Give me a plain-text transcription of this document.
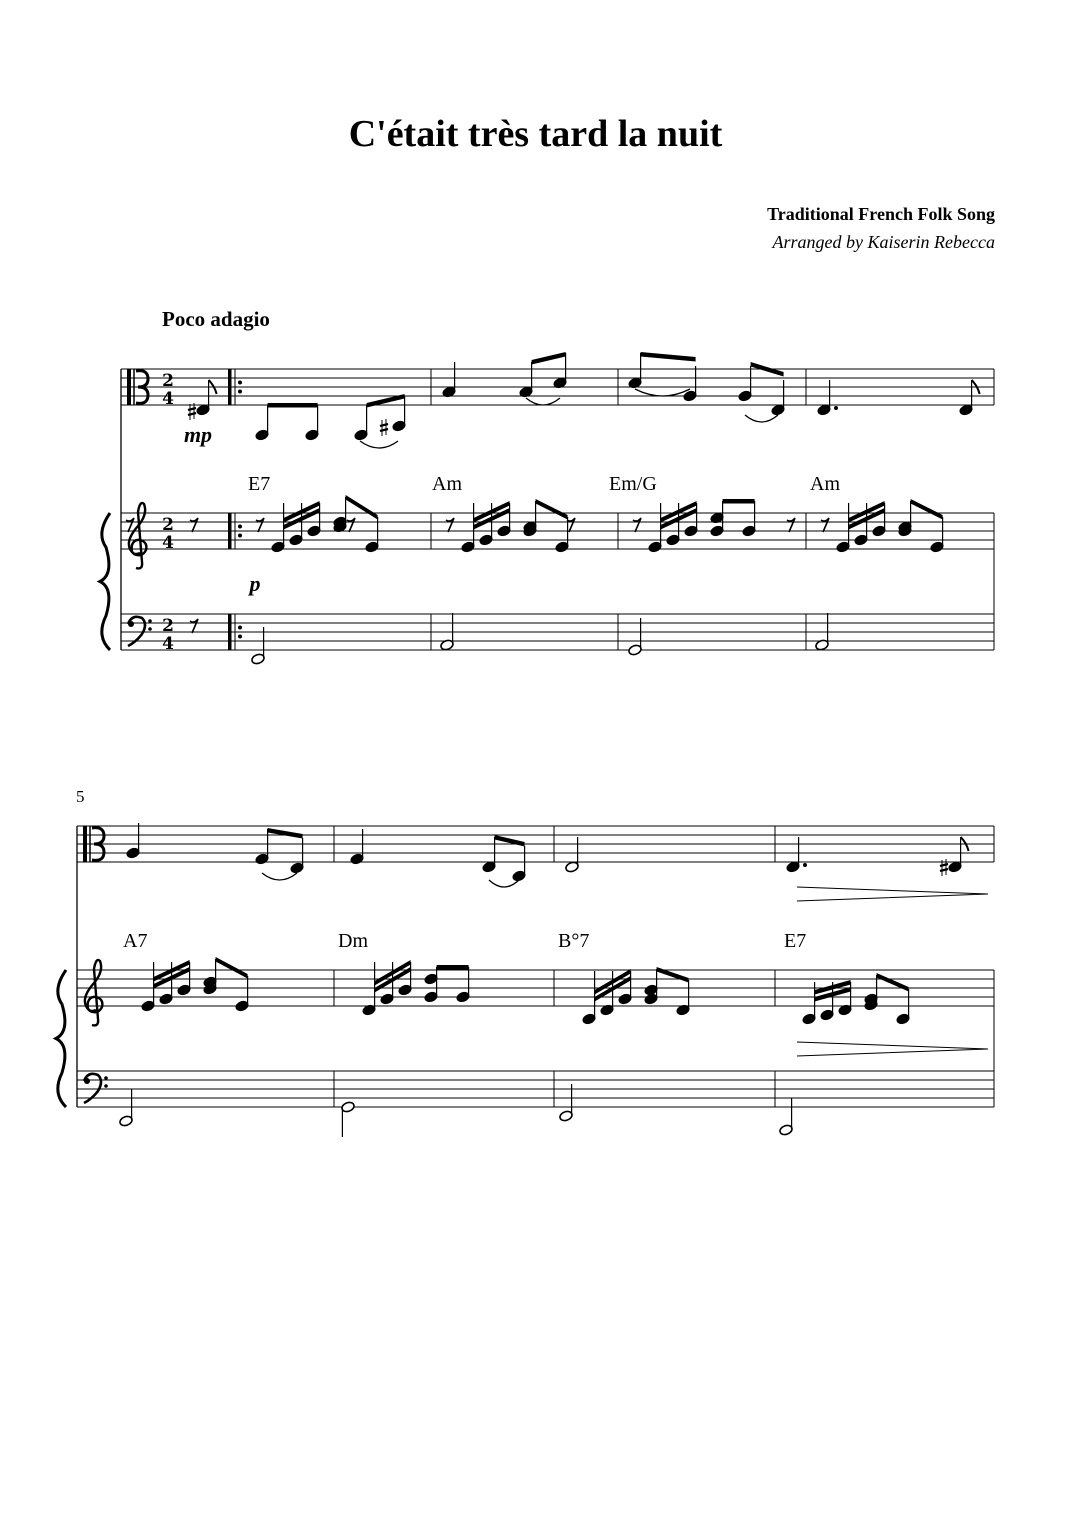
C'était très tard la nuit
Traditional French Folk Song
Arranged by Kaiserin Rebecca
Poco adagio
2
4
2
4
2
4
mp
p
E7	Am	Em/G	Am
5
A7	Dm	B°7	E7
